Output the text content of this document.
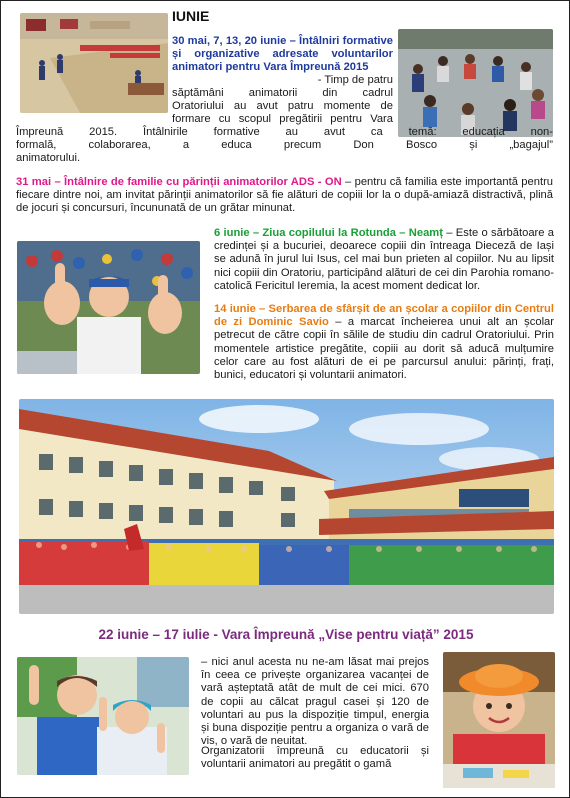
IUNIE
30 mai, 7, 13, 20 iunie – Întâlniri formative și organizative adresate voluntarilor animatori pentru Vara Împreună 2015
- Timp de patru
săptămâni animatorii din cadrul
Oratoriului au avut patru momente de
formare cu scopul pregătirii pentru Vara
Împreună 2015. Întâlnirile formative au avut ca temă: educația non-
formală, colaborarea, a educa precum Don Bosco și „bagajul”
animatorului.
31 mai – Întâlnire de familie cu părinții animatorilor ADS - ON – pentru că familia este importantă pentru fiecare dintre noi, am invitat părinții animatorilor să fie alături de copiii lor la o după-amiază distractivă, plină de jocuri și concursuri, încununată de un grătar minunat.
6 iunie – Ziua copilului la Rotunda – Neamț – Este o sărbătoare a credinței și a bucuriei, deoarece copiii din întreaga Dieceză de Iași se adună în jurul lui Isus, cel mai bun prieten al copiilor. Nu au lipsit nici copiii din Oratoriu, participând alături de cei din Parohia romano-catolică Fericitul Ieremia, la acest moment dedicat lor.
14 iunie – Serbarea de sfârșit de an școlar a copiilor din Centrul de zi Dominic Savio – a marcat încheierea unui alt an școlar petrecut de către copii în sălile de studiu din cadrul Oratoriului. Prin momentele artistice pregătite, copiii au dorit să aducă mulțumire celor care au fost alături de ei pe parcursul anului: părinți, frați, bunici, educatori și voluntarii animatori.
22 iunie – 17 iulie - Vara Împreună „Vise pentru viață” 2015
– nici anul acesta nu ne-am lăsat mai prejos în ceea ce privește organizarea vacanței de vară așteptată atât de mult de cei mici. 670 de copii au călcat pragul casei și 120 de voluntari au pus la dispoziție timpul, energia și buna dispoziție pentru a organiza o vară de vis, o vară de neuitat.
Organizatorii împreună cu educatorii și voluntarii animatori au pregătit o gamă
